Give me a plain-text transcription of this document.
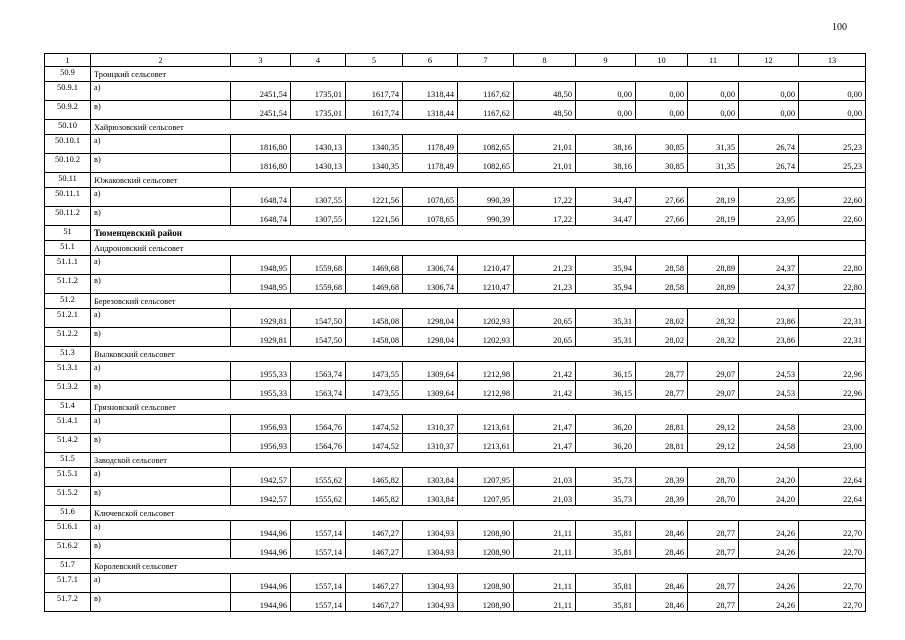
100
1	2	3	4	5	6	7	8	9	10	11	12	13
50.9	Троицкий сельсовет											
50.9.1	а)	2451,54	1735,01	1617,74	1318,44	1167,62	48,50	0,00	0,00	0,00	0,00	0,00
50.9.2	в)	2451,54	1735,01	1617,74	1318,44	1167,62	48,50	0,00	0,00	0,00	0,00	0,00
50.10	Хайрюзовский сельсовет											
50.10.1	а)	1816,80	1430,13	1340,35	1178,49	1082,65	21,01	38,16	30,85	31,35	26,74	25,23
50.10.2	в)	1816,80	1430,13	1340,35	1178,49	1082,65	21,01	38,16	30,85	31,35	26,74	25,23
50.11	Южаковский сельсовет											
50.11.1	а)	1648,74	1307,55	1221,56	1078,65	990,39	17,22	34,47	27,66	28,19	23,95	22,60
50.11.2	в)	1648,74	1307,55	1221,56	1078,65	990,39	17,22	34,47	27,66	28,19	23,95	22,60
51	Тюменцевский район											
51.1	Андроновский сельсовет											
51.1.1	а)	1948,95	1559,68	1469,68	1306,74	1210,47	21,23	35,94	28,58	28,89	24,37	22,80
51.1.2	в)	1948,95	1559,68	1469,68	1306,74	1210,47	21,23	35,94	28,58	28,89	24,37	22,80
51.2	Березовский сельсовет											
51.2.1	а)	1929,81	1547,50	1458,08	1298,04	1202,93	20,65	35,31	28,02	28,32	23,86	22,31
51.2.2	в)	1929,81	1547,50	1458,08	1298,04	1202,93	20,65	35,31	28,02	28,32	23,86	22,31
51.3	Вылковский сельсовет											
51.3.1	а)	1955,33	1563,74	1473,55	1309,64	1212,98	21,42	36,15	28,77	29,07	24,53	22,96
51.3.2	в)	1955,33	1563,74	1473,55	1309,64	1212,98	21,42	36,15	28,77	29,07	24,53	22,96
51.4	Грязновский сельсовет											
51.4.1	а)	1956,93	1564,76	1474,52	1310,37	1213,61	21,47	36,20	28,81	29,12	24,58	23,00
51.4.2	в)	1956,93	1564,76	1474,52	1310,37	1213,61	21,47	36,20	28,81	29,12	24,58	23,00
51.5	Заводской сельсовет											
51.5.1	а)	1942,57	1555,62	1465,82	1303,84	1207,95	21,03	35,73	28,39	28,70	24,20	22,64
51.5.2	в)	1942,57	1555,62	1465,82	1303,84	1207,95	21,03	35,73	28,39	28,70	24,20	22,64
51.6	Ключевской сельсовет											
51.6.1	а)	1944,96	1557,14	1467,27	1304,93	1208,90	21,11	35,81	28,46	28,77	24,26	22,70
51.6.2	в)	1944,96	1557,14	1467,27	1304,93	1208,90	21,11	35,81	28,46	28,77	24,26	22,70
51.7	Королевский сельсовет											
51.7.1	а)	1944,96	1557,14	1467,27	1304,93	1208,90	21,11	35,81	28,46	28,77	24,26	22,70
51.7.2	в)	1944,96	1557,14	1467,27	1304,93	1208,90	21,11	35,81	28,46	28,77	24,26	22,70
